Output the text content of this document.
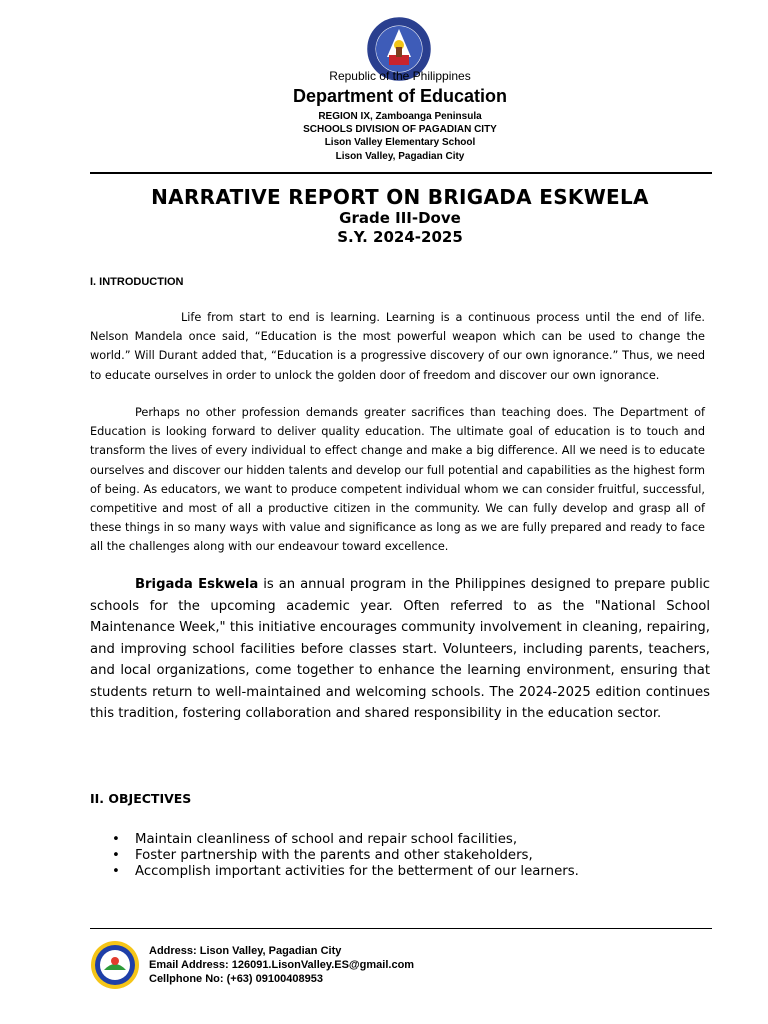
Republic of the Philippines
Department of Education
REGION IX, Zamboanga Peninsula
SCHOOLS DIVISION OF PAGADIAN CITY
Lison Valley Elementary School
Lison Valley, Pagadian City
NARRATIVE REPORT ON BRIGADA ESKWELA
Grade III-Dove
S.Y. 2024-2025
I. INTRODUCTION
Life from start to end is learning. Learning is a continuous process until the end of life. Nelson Mandela once said, “Education is the most powerful weapon which can be used to change the world.” Will Durant added that, “Education is a progressive discovery of our own ignorance.” Thus, we need to educate ourselves in order to unlock the golden door of freedom and discover our own ignorance.
Perhaps no other profession demands greater sacrifices than teaching does. The Department of Education is looking forward to deliver quality education. The ultimate goal of education is to touch and transform the lives of every individual to effect change and make a big difference. All we need is to educate ourselves and discover our hidden talents and develop our full potential and capabilities as the highest form of being. As educators, we want to produce competent individual whom we can consider fruitful, successful, competitive and most of all a productive citizen in the community. We can fully develop and grasp all of these things in so many ways with value and significance as long as we are fully prepared and ready to face all the challenges along with our endeavour toward excellence.
Brigada Eskwela is an annual program in the Philippines designed to prepare public schools for the upcoming academic year. Often referred to as the "National School Maintenance Week," this initiative encourages community involvement in cleaning, repairing, and improving school facilities before classes start. Volunteers, including parents, teachers, and local organizations, come together to enhance the learning environment, ensuring that students return to well-maintained and welcoming schools. The 2024-2025 edition continues this tradition, fostering collaboration and shared responsibility in the education sector.
II. OBJECTIVES
• Maintain cleanliness of school and repair school facilities,
• Foster partnership with the parents and other stakeholders,
• Accomplish important activities for the betterment of our learners.
Address: Lison Valley, Pagadian City
Email Address: 126091.LisonValley.ES@gmail.com
Cellphone No: (+63) 09100408953
